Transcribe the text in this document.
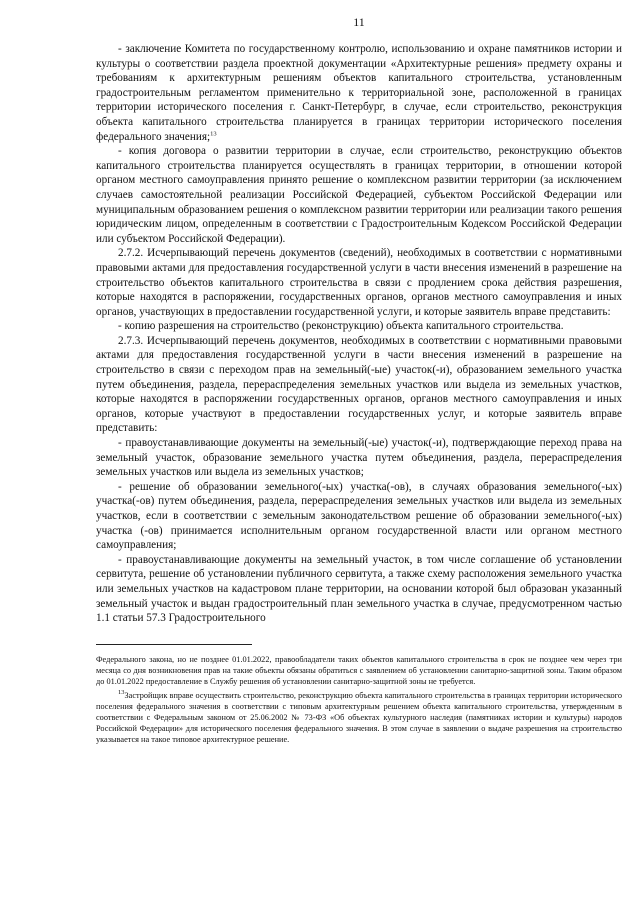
11

- заключение Комитета по государственному контролю, использованию и охране памятников истории и культуры о соответствии раздела проектной документации «Архитектурные решения» предмету охраны и требованиям к архитектурным решениям объектов капитального строительства, установленным градостроительным регламентом применительно к территориальной зоне, расположенной в границах территории исторического поселения г. Санкт-Петербург, в случае, если строительство, реконструкция объекта капитального строительства планируется в границах территории исторического поселения федерального значения;$^{13}$

- копия договора о развитии территории в случае, если строительство, реконструкцию объектов капитального строительства планируется осуществлять в границах территории, в отношении которой органом местного самоуправления принято решение о комплексном развитии территории (за исключением случаев самостоятельной реализации Российской Федерацией, субъектом Российской Федерации или муниципальным образованием решения о комплексном развитии территории или реализации такого решения юридическим лицом, определенным в соответствии с Градостроительным Кодексом Российской Федерации или субъектом Российской Федерации).

2.7.2. Исчерпывающий перечень документов (сведений), необходимых в соответствии с нормативными правовыми актами для предоставления государственной услуги в части внесения изменений в разрешение на строительство объектов капитального строительства в связи с продлением срока действия разрешения, которые находятся в распоряжении, государственных органов, органов местного самоуправления и иных органов, участвующих в предоставлении государственной услуги, и которые заявитель вправе представить:

- копию разрешения на строительство (реконструкцию) объекта капитального строительства.

2.7.3. Исчерпывающий перечень документов, необходимых в соответствии с нормативными правовыми актами для предоставления государственной услуги в части внесения изменений в разрешение на строительство в связи с переходом прав на земельный(-ые) участок(-и), образованием земельного участка путем объединения, раздела, перераспределения земельных участков или выдела из земельных участков, которые находятся в распоряжении государственных органов, органов местного самоуправления и иных органов, которые участвуют в предоставлении государственных услуг, и которые заявитель вправе представить:

- правоустанавливающие документы на земельный(-ые) участок(-и), подтверждающие переход права на земельный участок, образование земельного участка путем объединения, раздела, перераспределения земельных участков или выдела из земельных участков;

- решение об образовании земельного(-ых) участка(-ов), в случаях образования земельного(-ых) участка(-ов) путем объединения, раздела, перераспределения земельных участков или выдела из земельных участков, если в соответствии с земельным законодательством решение об образовании земельного(-ых) участка (-ов) принимается исполнительным органом государственной власти или органом местного самоуправления;

- правоустанавливающие документы на земельный участок, в том числе соглашение об установлении сервитута, решение об установлении публичного сервитута, а также схему расположения земельного участка или земельных участков на кадастровом плане территории, на основании которой был образован указанный земельный участок и выдан градостроительный план земельного участка в случае, предусмотренном частью 1.1 статьи 57.3 Градостроительного

Федерального закона, но не позднее 01.01.2022, правообладатели таких объектов капитального строительства в срок не позднее чем через три месяца со дня возникновения прав на такие объекты обязаны обратиться с заявлением об установлении санитарно-защитной зоны. Таким образом до 01.01.2022 предоставление в Службу решения об установлении санитарно-защитной зоны не требуется.

$^{13}$Застройщик вправе осуществить строительство, реконструкцию объекта капитального строительства в границах территории исторического поселения федерального значения в соответствии с типовым архитектурным решением объекта капитального строительства, утвержденным в соответствии с Федеральным законом от 25.06.2002 № 73-ФЗ «Об объектах культурного наследия (памятниках истории и культуры) народов Российской Федерации» для исторического поселения федерального значения. В этом случае в заявлении о выдаче разрешения на строительство указывается на такое типовое архитектурное решение.
